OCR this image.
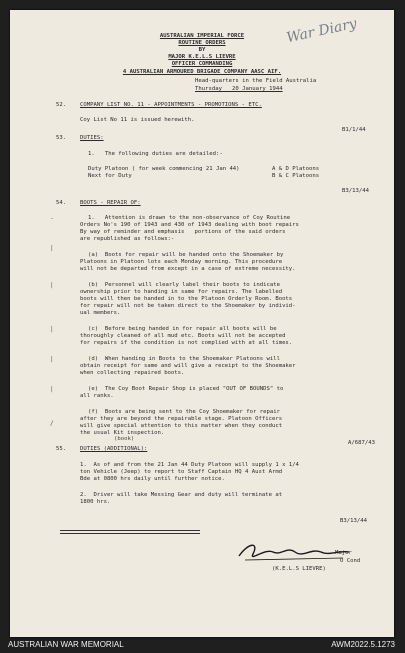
War Diary
AUSTRALIAN IMPERIAL FORCE
ROUTINE ORDERS
BY
MAJOR K.E.L.S LIEVRE
OFFICER COMMANDING
4 AUSTRALIAN ARMOURED BRIGADE COMPANY AASC AIF.
Head-quarters in the Field Australia
Thursday   20 January 1944
52. COMPANY LIST NO. 11 - APPOINTMENTS - PROMOTIONS - ETC.
Coy List No 11 is issued herewith.
B1/1/44
53. DUTIES:
1.   The following duties are detailed:-
Duty Platoon ( for week commencing 21 Jan 44)	A & D Platoons
Next for Duty	B & C Platoons
B3/13/44
54. BOOTS - REPAIR OF:
1.   Attention is drawn to the non-observance of Coy Routine
Orders No's 190 of 1943 and 430 of 1943 dealing with boot repairs
By way of reminder and emphasis   portions of the said orders
are republished as follows:-
(a)  Boots for repair will be handed onto the Shoemaker by
Platoons in Platoon lots each Monday morning. This procedure
will not be departed from except in a case of extreme necessity.
(b)  Personnel will clearly label their boots to indicate
ownership prior to handing in same for repairs. The labelled
boots will then be handed in to the Platoon Orderly Room. Boots
for repair will not be taken direct to the Shoemaker by individ-
ual members.
(c)  Before being handed in for repair all boots will be
thoroughly cleaned of all mud etc. Boots will not be accepted
for repairs if the condition is not complied with at all times.
(d)  When handing in Boots to the Shoemaker Platoons will
obtain receipt for same and will give a receipt to the Shoemaker
when collecting repaired boots.
(e)  The Coy Boot Repair Shop is placed "OUT OF BOUNDS" to
all ranks.
(f)  Boots are being sent to the Coy Shoemaker for repair
after they are beyond the repairable stage. Platoon Officers
will give special attention to this matter when they conduct
the usual Kit inspection.
(book)
A/687/43
-
|
|
|
|
|
/
55. DUTIES (ADDITIONAL):
1.  As of and from the 21 Jan 44 Duty Platoon will supply 1 x 1/4
ton Vehicle (Jeep) to report to Staff Captain HQ 4 Aust Armd
Bde at 0800 hrs daily until further notice.
2.  Driver will take Messing Gear and duty will terminate at
1800 hrs.
B3/13/44
Major
O Cond
(K.E.L.S LIEVRE)
AUSTRALIAN WAR MEMORIAL	AWM2022.5.1273
